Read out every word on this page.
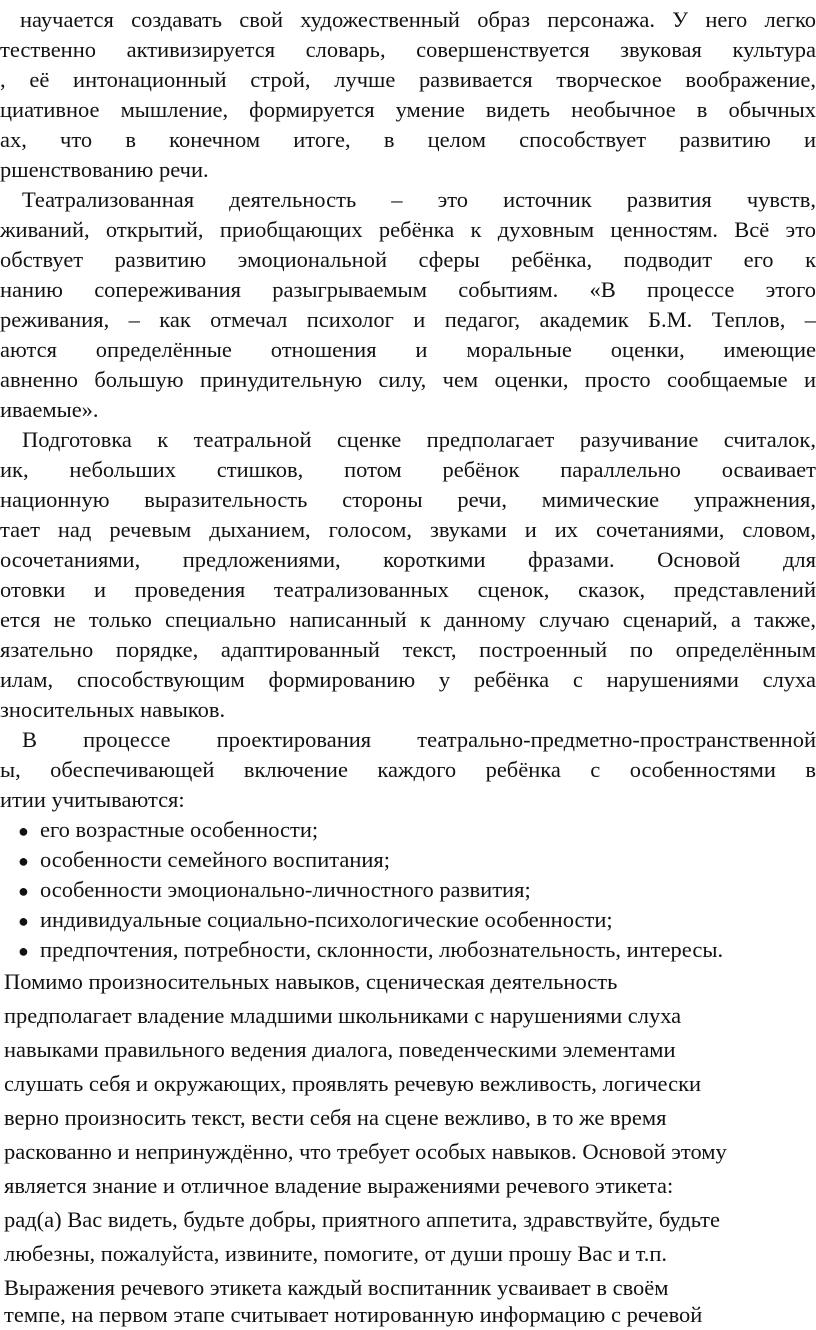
научается создавать свой художественный образ персонажа. У него легко
тественно активизируется словарь, совершенствуется звуковая культура
, её интонационный строй, лучше развивается творческое воображение,
циативное мышление, формируется умение видеть необычное в обычных
ах, что в конечном итоге, в целом способствует развитию и
ршенствованию речи.
Театрализованная деятельность – это источник развития чувств,
живаний, открытий, приобщающих ребёнка к духовным ценностям. Всё это
обствует развитию эмоциональной сферы ребёнка, подводит его к
нанию сопереживания разыгрываемым событиям. «В процессе этого
реживания, – как отмечал психолог и педагог, академик Б.М. Теплов, –
аются определённые отношения и моральные оценки, имеющие
авненно большую принудительную силу, чем оценки, просто сообщаемые и
иваемые».
Подготовка к театральной сценке предполагает разучивание считалок,
ик, небольших стишков, потом ребёнок параллельно осваивает
национную выразительность стороны речи, мимические упражнения,
тает над речевым дыханием, голосом, звуками и их сочетаниями, словом,
осочетаниями, предложениями, короткими фразами. Основой для
отовки и проведения театрализованных сценок, сказок, представлений
ется не только специально написанный к данному случаю сценарий, а также,
язательно порядке, адаптированный текст, построенный по определённым
илам, способствующим формированию у ребёнка с нарушениями слуха
зносительных навыков.
В процессе проектирования театрально-предметно-пространственной
ы, обеспечивающей включение каждого ребёнка с особенностями в
итии учитываются:
● его возрастные особенности;
● особенности семейного воспитания;
● особенности эмоционально-личностного развития;
● индивидуальные социально-психологические особенности;
● предпочтения, потребности, склонности, любознательность, интересы.
Помимо произносительных навыков, сценическая деятельность
предполагает владение младшими школьниками с нарушениями слуха
навыками правильного ведения диалога, поведенческими элементами
слушать себя и окружающих, проявлять речевую вежливость, логически
верно произносить текст, вести себя на сцене вежливо, в то же время
раскованно и непринуждённо, что требует особых навыков. Основой этому
является знание и отличное владение выражениями речевого этикета:
рад(а) Вас видеть, будьте добры, приятного аппетита, здравствуйте, будьте
любезны, пожалуйста, извините, помогите, от души прошу Вас и т.п.
Выражения речевого этикета каждый воспитанник усваивает в своём
темпе, на первом этапе считывает нотированную информацию с речевой
